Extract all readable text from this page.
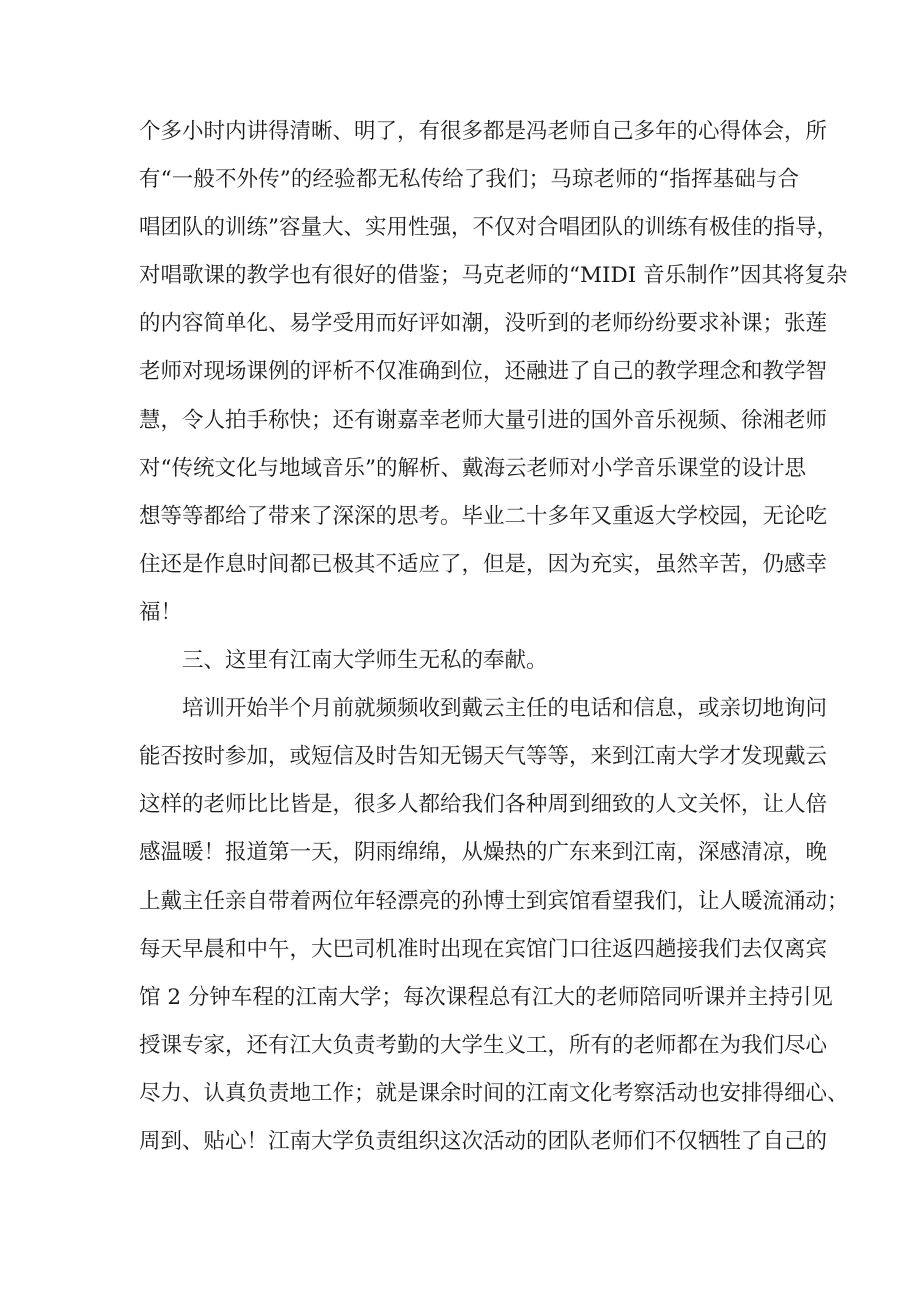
个多小时内讲得清晰、明了，有很多都是冯老师自己多年的心得体会，所
有“一般不外传”的经验都无私传给了我们；马琼老师的“指挥基础与合
唱团队的训练”容量大、实用性强，不仅对合唱团队的训练有极佳的指导，
对唱歌课的教学也有很好的借鉴；马克老师的“MIDI 音乐制作”因其将复杂
的内容简单化、易学受用而好评如潮，没听到的老师纷纷要求补课；张莲
老师对现场课例的评析不仅准确到位，还融进了自己的教学理念和教学智
慧，令人拍手称快；还有谢嘉幸老师大量引进的国外音乐视频、徐湘老师
对“传统文化与地域音乐”的解析、戴海云老师对小学音乐课堂的设计思
想等等都给了带来了深深的思考。毕业二十多年又重返大学校园，无论吃
住还是作息时间都已极其不适应了，但是，因为充实，虽然辛苦，仍感幸
福！
三、这里有江南大学师生无私的奉献。
培训开始半个月前就频频收到戴云主任的电话和信息，或亲切地询问
能否按时参加，或短信及时告知无锡天气等等，来到江南大学才发现戴云
这样的老师比比皆是，很多人都给我们各种周到细致的人文关怀，让人倍
感温暖！报道第一天，阴雨绵绵，从燥热的广东来到江南，深感清凉，晚
上戴主任亲自带着两位年轻漂亮的孙博士到宾馆看望我们，让人暖流涌动；
每天早晨和中午，大巴司机准时出现在宾馆门口往返四趟接我们去仅离宾
馆 2 分钟车程的江南大学；每次课程总有江大的老师陪同听课并主持引见
授课专家，还有江大负责考勤的大学生义工，所有的老师都在为我们尽心
尽力、认真负责地工作；就是课余时间的江南文化考察活动也安排得细心、
周到、贴心！江南大学负责组织这次活动的团队老师们不仅牺牲了自己的
